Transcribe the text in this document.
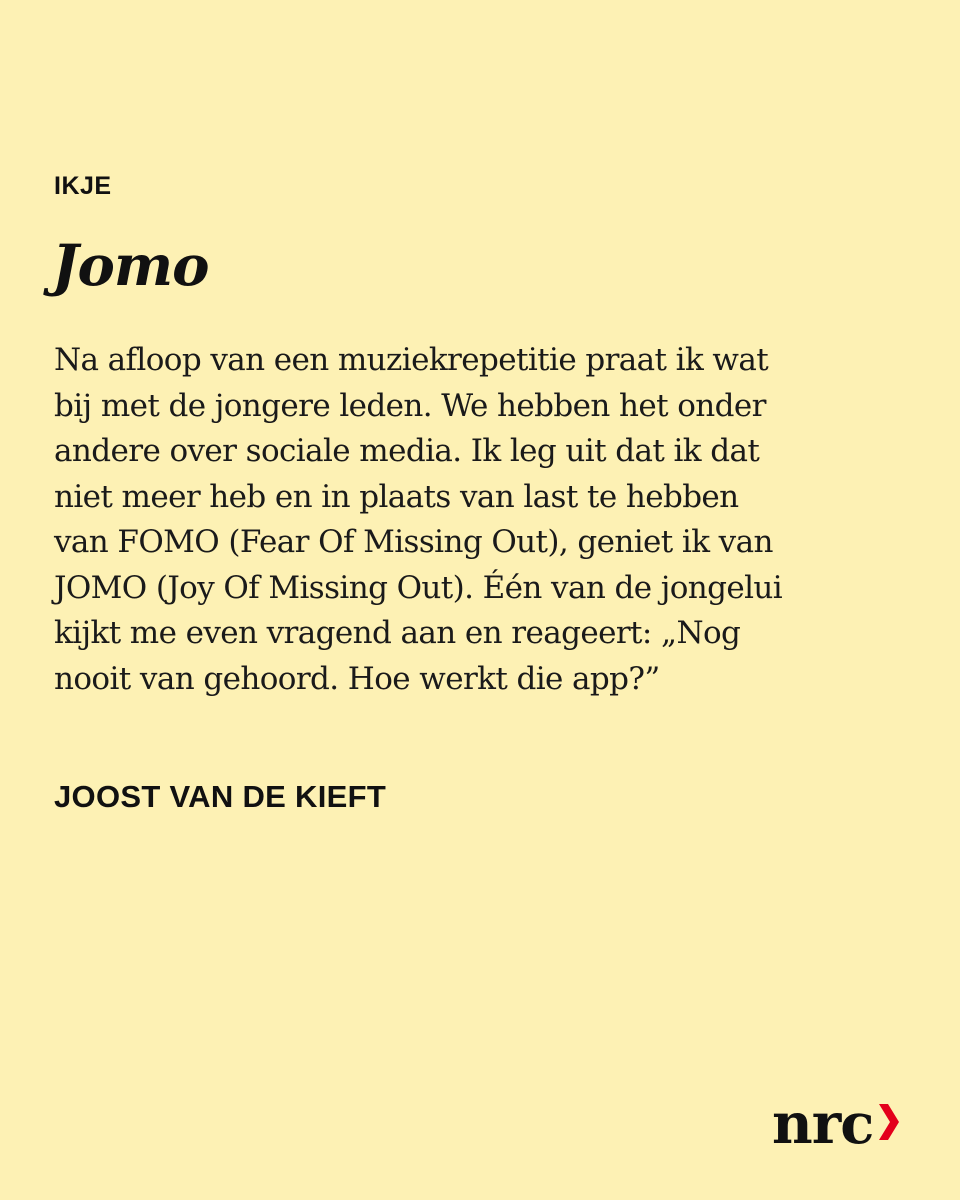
IKJE
Jomo

Na afloop van een muziekrepetitie praat ik wat
bij met de jongere leden. We hebben het onder
andere over sociale media. Ik leg uit dat ik dat
niet meer heb en in plaats van last te hebben
van FOMO (Fear Of Missing Out), geniet ik van
JOMO (Joy Of Missing Out). Één van de jongelui
kijkt me even vragend aan en reageert: „Nog
nooit van gehoord. Hoe werkt die app?”

JOOST VAN DE KIEFT
nrc
